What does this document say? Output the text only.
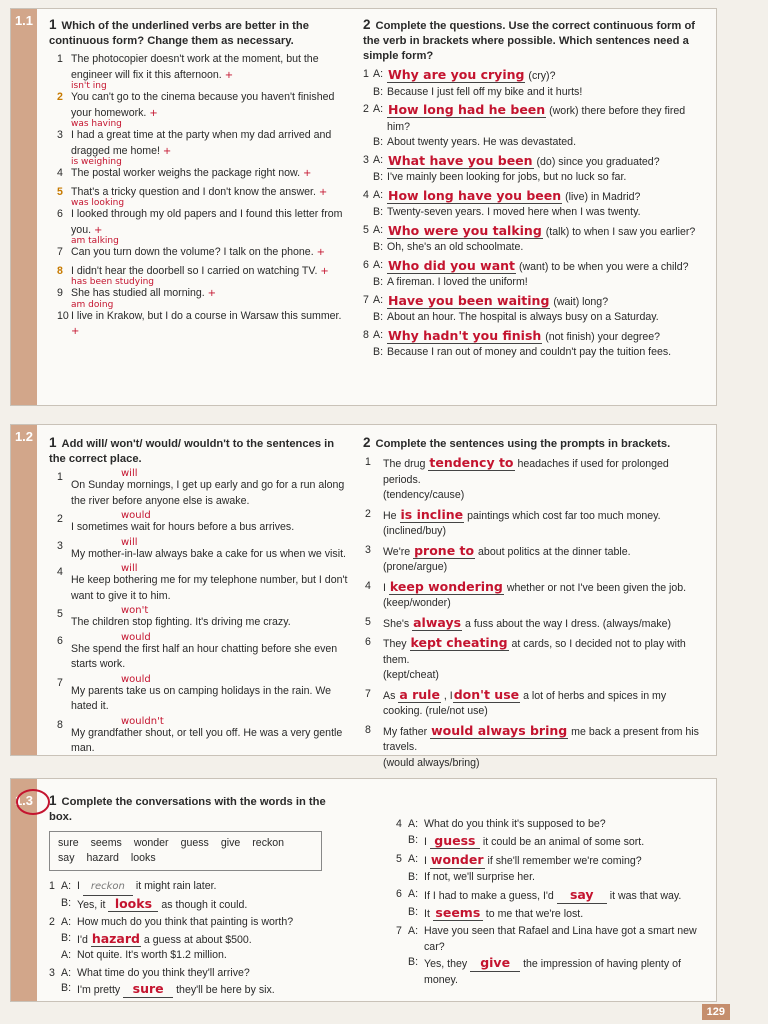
1.1 1 Which of the underlined verbs are better in the continuous form? Change them as necessary.
1 The photocopier doesn't work at the moment, but the engineer will fix it this afternoon. +
isn't ing
2 You can't go to the cinema because you haven't finished your homework. +
was having
3 I had a great time at the party when my dad arrived and dragged me home! +
is weighing
4 The postal worker weighs the package right now. +
5 That's a tricky question and I don't know the answer. +
was looking
6 I looked through my old papers and I found this letter from you. +
am talking
7 Can you turn down the volume? I talk on the phone. +
8 I didn't hear the doorbell so I carried on watching TV. +
has been studying
9 She has studied all morning. +
am doing
10 I live in Krakow, but I do a course in Warsaw this summer. +
2 Complete the questions. Use the correct continuous form of the verb in brackets where possible. Which sentences need a simple form?
1 A: Why are you crying (cry)?
B: Because I just fell off my bike and it hurts!
2 A: How long had he been (work) there before they fired him?
B: About twenty years. He was devastated.
3 A: What have you been (do) since you graduated?
B: I've mainly been looking for jobs, but no luck so far.
4 A: How long have you been (live) in Madrid?
B: Twenty-seven years. I moved here when I was twenty.
5 A: Who were you talking (talk) to when I saw you earlier?
B: Oh, she's an old schoolmate.
6 A: Who did you want (want) to be when you were a child?
B: A fireman. I loved the uniform!
7 A: Have you been waiting (wait) long?
B: About an hour. The hospital is always busy on a Saturday.
8 A: Why hadn't you finish (not finish) your degree?
B: Because I ran out of money and couldn't pay the tuition fees.
1.2 1 Add will/ won't/ would/ wouldn't to the sentences in the correct place.
will
1
On Sunday mornings, I get up early and go for a run along the river before anyone else is awake.
would
2
I sometimes wait for hours before a bus arrives.
will
3
My mother-in-law always bake a cake for us when we visit.
will
4
He keep bothering me for my telephone number, but I don't want to give it to him.
won't
5
The children stop fighting. It's driving me crazy.
would
6
She spend the first half an hour chatting before she even starts work.
would
7
My parents take us on camping holidays in the rain. We hated it.
wouldn't
8
My grandfather shout, or tell you off. He was a very gentle man.
2 Complete the sentences using the prompts in brackets.
1 The drug tendency to headaches if used for prolonged periods.
(tendency/cause)
2 He is incline paintings which cost far too much money.
(inclined/buy)
3 We're prone to about politics at the dinner table.
(prone/argue)
4 I keep wondering whether or not I've been given the job.
(keep/wonder)
5 She's always a fuss about the way I dress. (always/make)
6 They kept cheating at cards, so I decided not to play with them.
(kept/cheat)
7 As a rule , Idon't use a lot of herbs and spices in my cooking. (rule/not use)
8 My father would always bring me back a present from his travels.
(would always/bring)
1.3 1 Complete the conversations with the words in the box.
sure seems wonder guess give reckon
say hazard looks
1 A: I reckon it might rain later.
B: Yes, it looks as though it could.
2 A: How much do you think that painting is worth?
B: I'd hazard a guess at about $500.
A: Not quite. It's worth $1.2 million.
3 A: What time do you think they'll arrive?
B: I'm pretty sure they'll be here by six.
4 A: What do you think it's supposed to be?
B: I guess it could be an animal of some sort.
5 A: I wonder if she'll remember we're coming?
B: If not, we'll surprise her.
6 A: If I had to make a guess, I'd say it was that way.
B: It seems to me that we're lost.
7 A: Have you seen that Rafael and Lina have got a smart new car?
B: Yes, they give the impression of having plenty of money.
129
